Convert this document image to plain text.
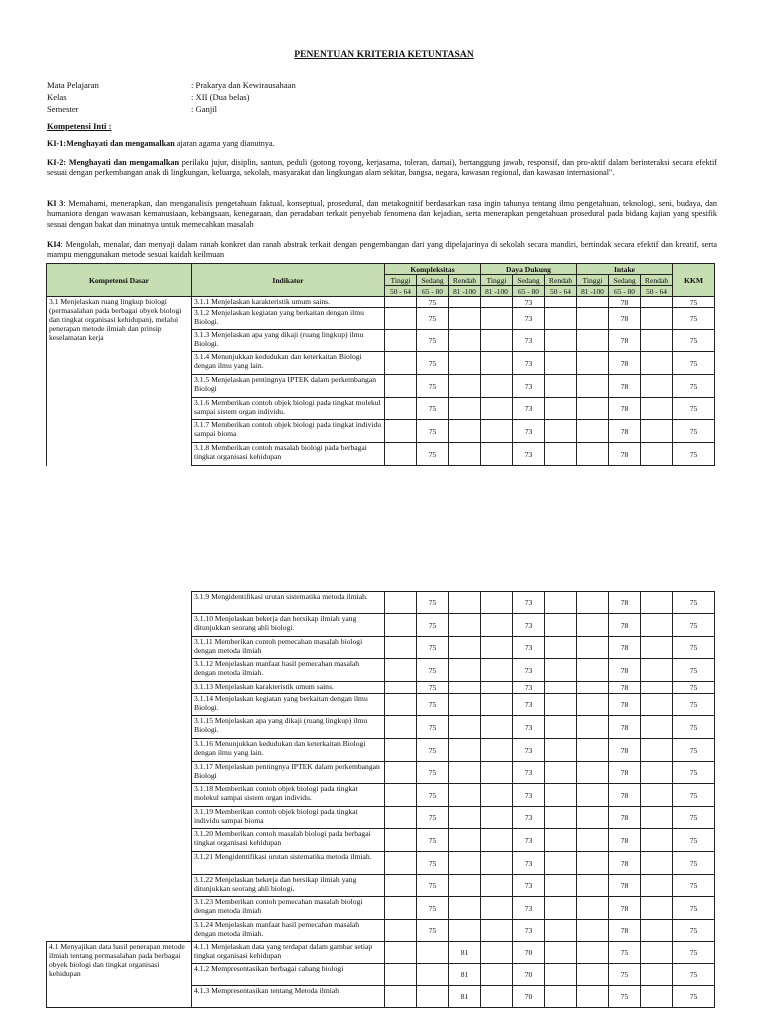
PENENTUAN KRITERIA KETUNTASAN
Mata Pelajaran	: Prakarya dan Kewirausahaan
Kelas	: XII (Dua belas)
Semester	: Ganjil
Kompetensi Inti :
KI-1:Menghayati dan mengamalkan ajaran agama yang dianutnya.
KI-2: Menghayati dan mengamalkan perilaku jujur, disiplin, santun, peduli (gotong royong, kerjasama, toleran, damai), bertanggung jawab, responsif, dan pro-aktif dalam berinteraksi secara efektif sesuai dengan perkembangan anak di lingkungan, keluarga, sekolah, masyarakat dan lingkungan alam sekitar, bangsa, negara, kawasan regional, dan kawasan internasional".
KI 3: Memahami, menerapkan, dan menganalisis pengetahuan faktual, konseptual, prosedural, dan metakognitif berdasarkan rasa ingin tahunya tentang ilmu pengetahuan, teknologi, seni, budaya, dan humaniora dengan wawasan kemanusiaan, kebangsaan, kenegaraan, dan peradaban terkait penyebab fenomena dan kejadian, serta menerapkan pengetahuan prosedural pada bidang kajian yang spesifik sesuai dengan bakat dan minatnya untuk memecahkan masalah
KI4: Mengolah, menalar, dan menyaji dalam ranah konkret dan ranah abstrak terkait dengan pengembangan dari yang dipelajarinya di sekolah secara mandiri, bertindak secara efektif dan kreatif, serta mampu menggunakan metode sesuai kaidah keilmuan
Kompetensi Dasar	Indikator	Kompleksitas			Daya Dukung			Intake			KKM
		Tinggi	Sedang	Rendah	Tinggi	Sedang	Rendah	Tinggi	Sedang	Rendah	
		50 - 64	65 - 80	81 -100	81 -100	65 - 80	50 - 64	81 -100	65 - 80	50 - 64	
3.1 Menjelaskan ruang lingkup biologi (permasalahan pada berbagai obyek biologi dan tingkat organisasi kehidupan), melalui penerapan metode ilmiah dan prinsip keselamatan kerja	3.1.1 Menjelaskan karakteristik umum sains.		75			73			78		75
	3.1.2 Menjelaskan kegiatan yang berkaitan dengan ilmu Biologi.		75			73			78		75
	3.1.3 Menjelaskan apa yang dikaji (ruang lingkup) ilmu Biologi.		75			73			78		75
	3.1.4 Menunjukkan kedudukan dan keterkaitan Biologi dengan ilmu yang lain.		75			73			78		75
	3.1.5 Menjelaskan pentingnya IPTEK dalam perkembangan Biologi		75			73			78		75
	3.1.6 Memberikan contoh objek biologi pada tingkat molekul sampai sistem organ individu.		75			73			78		75
	3.1.7 Memberikan contoh objek biologi pada tingkat individu sampai bioma		75			73			78		75
	3.1.8 Memberikan contoh masalah biologi pada berbagai tingkat organisasi kehidupan		75			73			78		75
	3.1.9 Mengidentifikasi urutan sistematika metoda ilmiah.		75			73			78		75
	3.1.10 Menjelaskan bekerja dan bersikap ilmiah yang ditunjukkan seorang ahli biologi.		75			73			78		75
	3.1.11 Memberikan contoh pemecahan masalah biologi dengan metoda ilmiah		75			73			78		75
	3.1.12 Menjelaskan manfaat hasil pemecahan masalah dengan metoda ilmiah.		75			73			78		75
	3.1.13 Menjelaskan karakteristik umum sains.		75			73			78		75
	3.1.14 Menjelaskan kegiatan yang berkaitan dengan ilmu Biologi.		75			73			78		75
	3.1.15 Menjelaskan apa yang dikaji (ruang lingkup) ilmu Biologi.		75			73			78		75
	3.1.16 Menunjukkan kedudukan dan keterkaitan Biologi dengan ilmu yang lain.		75			73			78		75
	3.1.17 Menjelaskan pentingnya IPTEK dalam perkembangan Biologi		75			73			78		75
	3.1.18 Memberikan contoh objek biologi pada tingkat molekul sampai sistem organ individu.		75			73			78		75
	3.1.19 Memberikan contoh objek biologi pada tingkat individu sampai bioma		75			73			78		75
	3.1.20 Memberikan contoh masalah biologi pada berbagai tingkat organisasi kehidupan		75			73			78		75
	3.1.21 Mengidentifikasi urutan sistematika metoda ilmiah.		75			73			78		75
	3.1.22 Menjelaskan bekerja dan bersikap ilmiah yang ditunjukkan seorang ahli biologi.		75			73			78		75
	3.1.23 Memberikan contoh pemecahan masalah biologi dengan metoda ilmiah		75			73			78		75
	3.1.24 Menjelaskan manfaat hasil pemecahan masalah dengan metoda ilmiah.		75			73			78		75
4.1 Menyajikan data hasil penerapan metode ilmiah tentang permasalahan pada berbagai obyek biologi dan tingkat organisasi kehidupan	4.1.1 Menjelaskan data yang terdapat dalam gambar setiap tingkat organisasi kehidupan			81		70			75		75
	4.1.2 Mempresentasikan berbagai cabang biologi			81		70			75		75
	4.1.3 Mempresentasikan tentang Metoda ilmiah			81		70			75		75
